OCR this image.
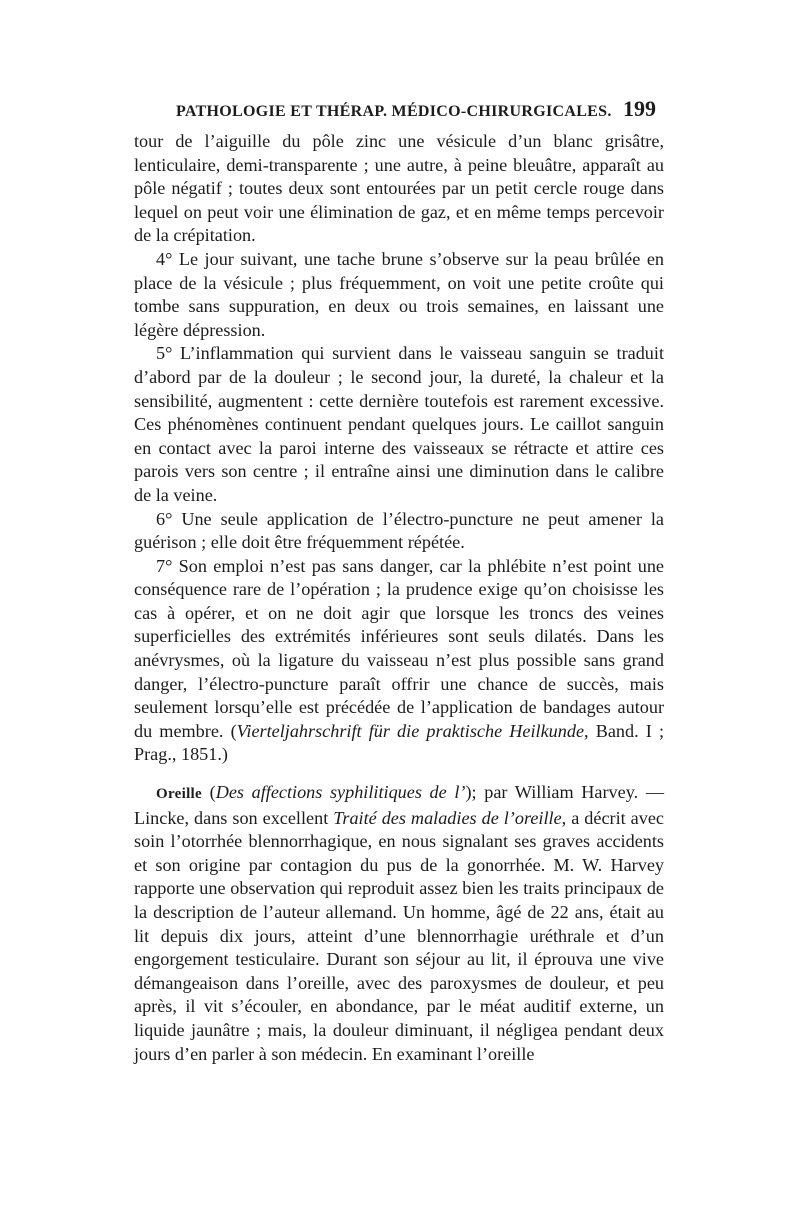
PATHOLOGIE ET THÉRAP. MÉDICO-CHIRURGICALES. 199

tour de l’aiguille du pôle zinc une vésicule d’un blanc grisâtre, lenticulaire, demi-transparente ; une autre, à peine bleuâtre, apparaît au pôle négatif ; toutes deux sont entourées par un petit cercle rouge dans lequel on peut voir une élimination de gaz, et en même temps percevoir de la crépitation.

4° Le jour suivant, une tache brune s’observe sur la peau brûlée en place de la vésicule ; plus fréquemment, on voit une petite croûte qui tombe sans suppuration, en deux ou trois semaines, en laissant une légère dépression.

5° L’inflammation qui survient dans le vaisseau sanguin se traduit d’abord par de la douleur ; le second jour, la dureté, la chaleur et la sensibilité, augmentent : cette dernière toutefois est rarement excessive. Ces phénomènes continuent pendant quelques jours. Le caillot sanguin en contact avec la paroi interne des vaisseaux se rétracte et attire ces parois vers son centre ; il entraîne ainsi une diminution dans le calibre de la veine.

6° Une seule application de l’électro-puncture ne peut amener la guérison ; elle doit être fréquemment répétée.

7° Son emploi n’est pas sans danger, car la phlébite n’est point une conséquence rare de l’opération ; la prudence exige qu’on choisisse les cas à opérer, et on ne doit agir que lorsque les troncs des veines superficielles des extrémités inférieures sont seuls dilatés. Dans les anévrysmes, où la ligature du vaisseau n’est plus possible sans grand danger, l’électro-puncture paraît offrir une chance de succès, mais seulement lorsqu’elle est précédée de l’application de bandages autour du membre. (Vierteljahrschrift für die praktische Heilkunde, Band. I ; Prag., 1851.)

Oreille (Des affections syphilitiques de l’); par William Harvey. — Lincke, dans son excellent Traité des maladies de l’oreille, a décrit avec soin l’otorrhée blennorrhagique, en nous signalant ses graves accidents et son origine par contagion du pus de la gonorrhée. M. W. Harvey rapporte une observation qui reproduit assez bien les traits principaux de la description de l’auteur allemand. Un homme, âgé de 22 ans, était au lit depuis dix jours, atteint d’une blennorrhagie uréthrale et d’un engorgement testiculaire. Durant son séjour au lit, il éprouva une vive démangeaison dans l’oreille, avec des paroxysmes de douleur, et peu après, il vit s’écouler, en abondance, par le méat auditif externe, un liquide jaunâtre ; mais, la douleur diminuant, il négligea pendant deux jours d’en parler à son médecin. En examinant l’oreille
